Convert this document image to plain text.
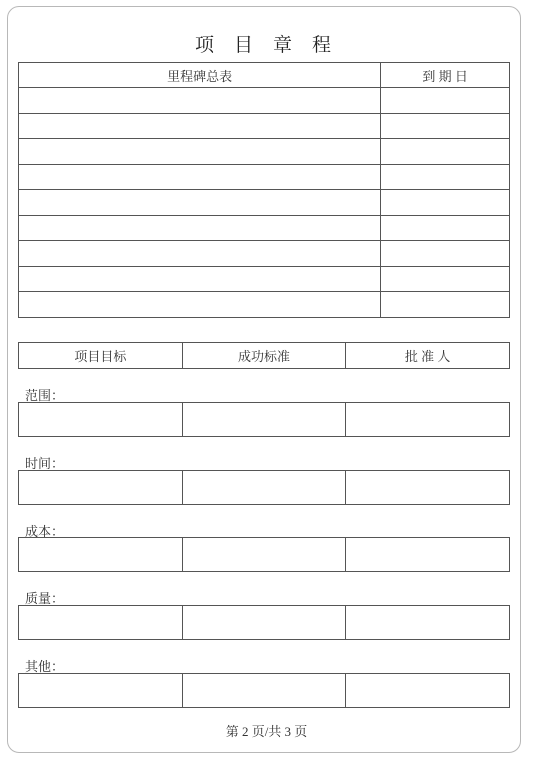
项 目 章 程
里程碑总表	到 期 日

项目目标	成功标准	批 准 人
范围：

时间：

成本：

质量：

其他：

第 2 页/共 3 页
